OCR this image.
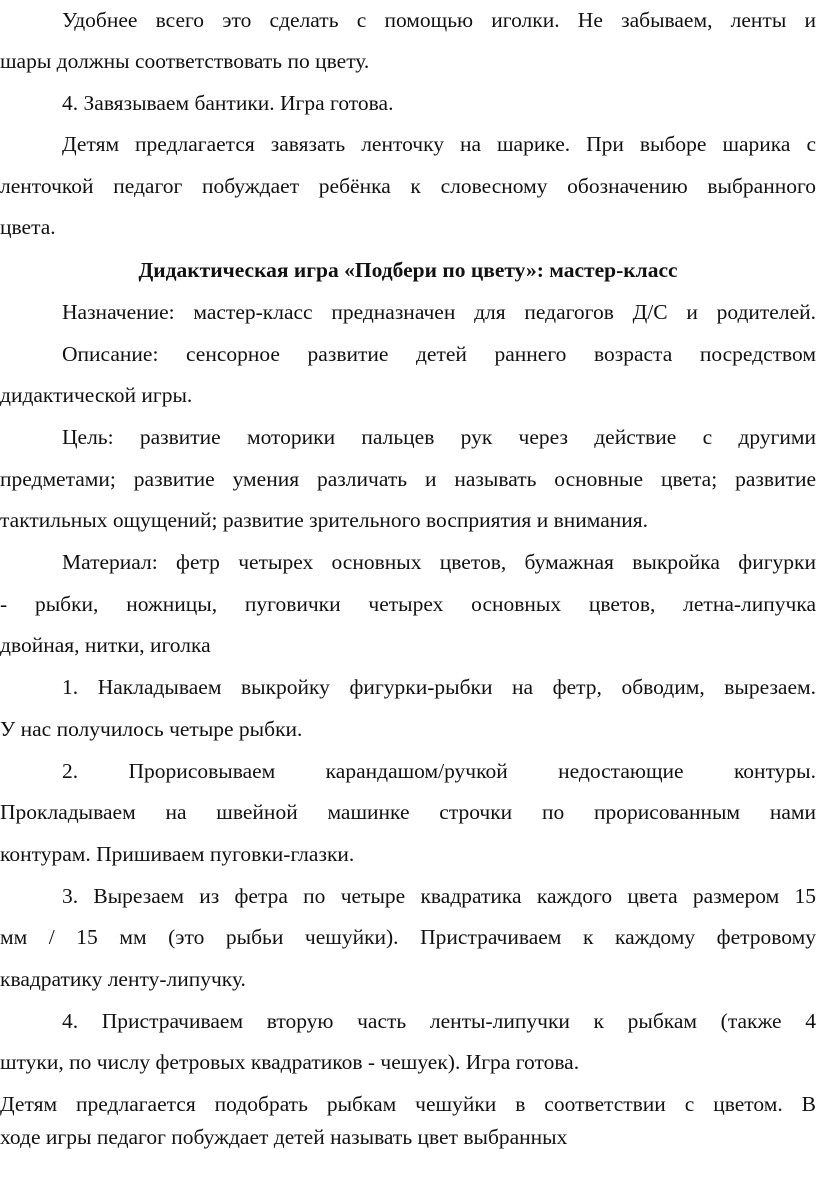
Удобнее всего это сделать с помощью иголки. Не забываем, ленты и
шары должны соответствовать по цвету.
4. Завязываем бантики. Игра готова.
Детям предлагается завязать ленточку на шарике. При выборе шарика с
ленточкой педагог побуждает ребёнка к словесному обозначению выбранного
цвета.
Дидактическая игра «Подбери по цвету»: мастер-класс
Назначение: мастер-класс предназначен для педагогов Д/С и родителей.
Описание: сенсорное развитие детей раннего возраста посредством
дидактической игры.
Цель: развитие моторики пальцев рук через действие с другими
предметами; развитие умения различать и называть основные цвета; развитие
тактильных ощущений; развитие зрительного восприятия и внимания.
Материал: фетр четырех основных цветов, бумажная выкройка фигурки
- рыбки, ножницы, пуговички четырех основных цветов, летна-липучка
двойная, нитки, иголка
1. Накладываем выкройку фигурки-рыбки на фетр, обводим, вырезаем.
У нас получилось четыре рыбки.
2. Прорисовываем карандашом/ручкой недостающие контуры.
Прокладываем на швейной машинке строчки по прорисованным нами
контурам. Пришиваем пуговки-глазки.
3. Вырезаем из фетра по четыре квадратика каждого цвета размером 15
мм / 15 мм (это рыбьи чешуйки). Пристрачиваем к каждому фетровому
квадратику ленту-липучку.
4. Пристрачиваем вторую часть ленты-липучки к рыбкам (также 4
штуки, по числу фетровых квадратиков - чешуек). Игра готова.
Детям предлагается подобрать рыбкам чешуйки в соответствии с цветом. В
ходе игры педагог побуждает детей называть цвет выбранных
